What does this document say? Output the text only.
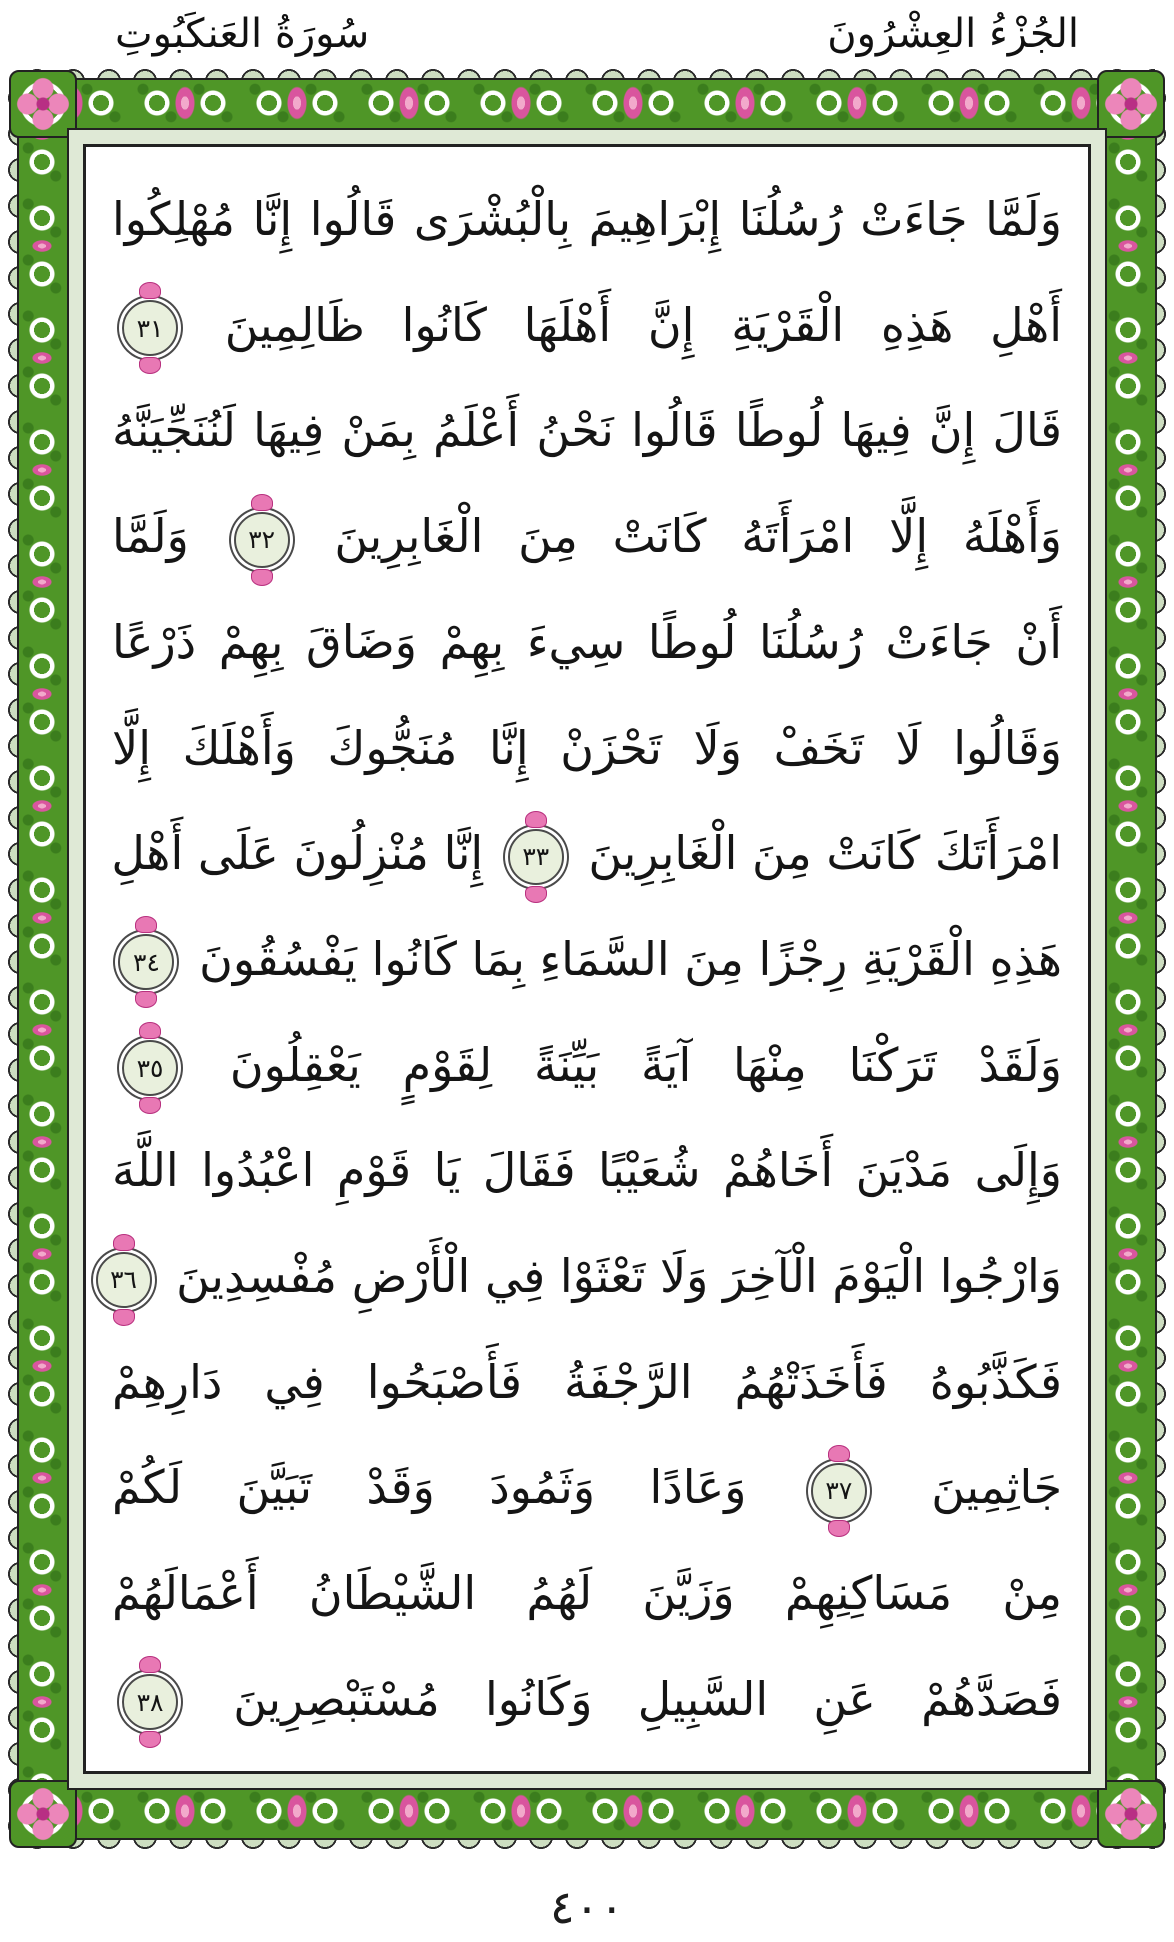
الجُزْءُ العِشْرُونَ
سُورَةُ العَنكَبُوتِ
وَلَمَّا جَاءَتْ رُسُلُنَا إِبْرَاهِيمَ بِالْبُشْرَى قَالُوا إِنَّا مُهْلِكُوا
أَهْلِ هَذِهِ الْقَرْيَةِ إِنَّ أَهْلَهَا كَانُوا ظَالِمِينَ
٣١
قَالَ إِنَّ فِيهَا لُوطًا قَالُوا نَحْنُ أَعْلَمُ بِمَنْ فِيهَا لَنُنَجِّيَنَّهُ
وَأَهْلَهُ إِلَّا امْرَأَتَهُ كَانَتْ مِنَ الْغَابِرِينَ
٣٢
وَلَمَّا
أَنْ جَاءَتْ رُسُلُنَا لُوطًا سِيءَ بِهِمْ وَضَاقَ بِهِمْ ذَرْعًا
وَقَالُوا لَا تَخَفْ وَلَا تَحْزَنْ إِنَّا مُنَجُّوكَ وَأَهْلَكَ إِلَّا
امْرَأَتَكَ كَانَتْ مِنَ الْغَابِرِينَ
٣٣
إِنَّا مُنْزِلُونَ عَلَى أَهْلِ
هَذِهِ الْقَرْيَةِ رِجْزًا مِنَ السَّمَاءِ بِمَا كَانُوا يَفْسُقُونَ
٣٤
وَلَقَدْ تَرَكْنَا مِنْهَا آيَةً بَيِّنَةً لِقَوْمٍ يَعْقِلُونَ
٣٥
وَإِلَى مَدْيَنَ أَخَاهُمْ شُعَيْبًا فَقَالَ يَا قَوْمِ اعْبُدُوا اللَّهَ
وَارْجُوا الْيَوْمَ الْآخِرَ وَلَا تَعْثَوْا فِي الْأَرْضِ مُفْسِدِينَ
٣٦
فَكَذَّبُوهُ فَأَخَذَتْهُمُ الرَّجْفَةُ فَأَصْبَحُوا فِي دَارِهِمْ
جَاثِمِينَ
٣٧
وَعَادًا وَثَمُودَ وَقَدْ تَبَيَّنَ لَكُمْ
مِنْ مَسَاكِنِهِمْ وَزَيَّنَ لَهُمُ الشَّيْطَانُ أَعْمَالَهُمْ
فَصَدَّهُمْ عَنِ السَّبِيلِ وَكَانُوا مُسْتَبْصِرِينَ
٣٨
٤٠٠
